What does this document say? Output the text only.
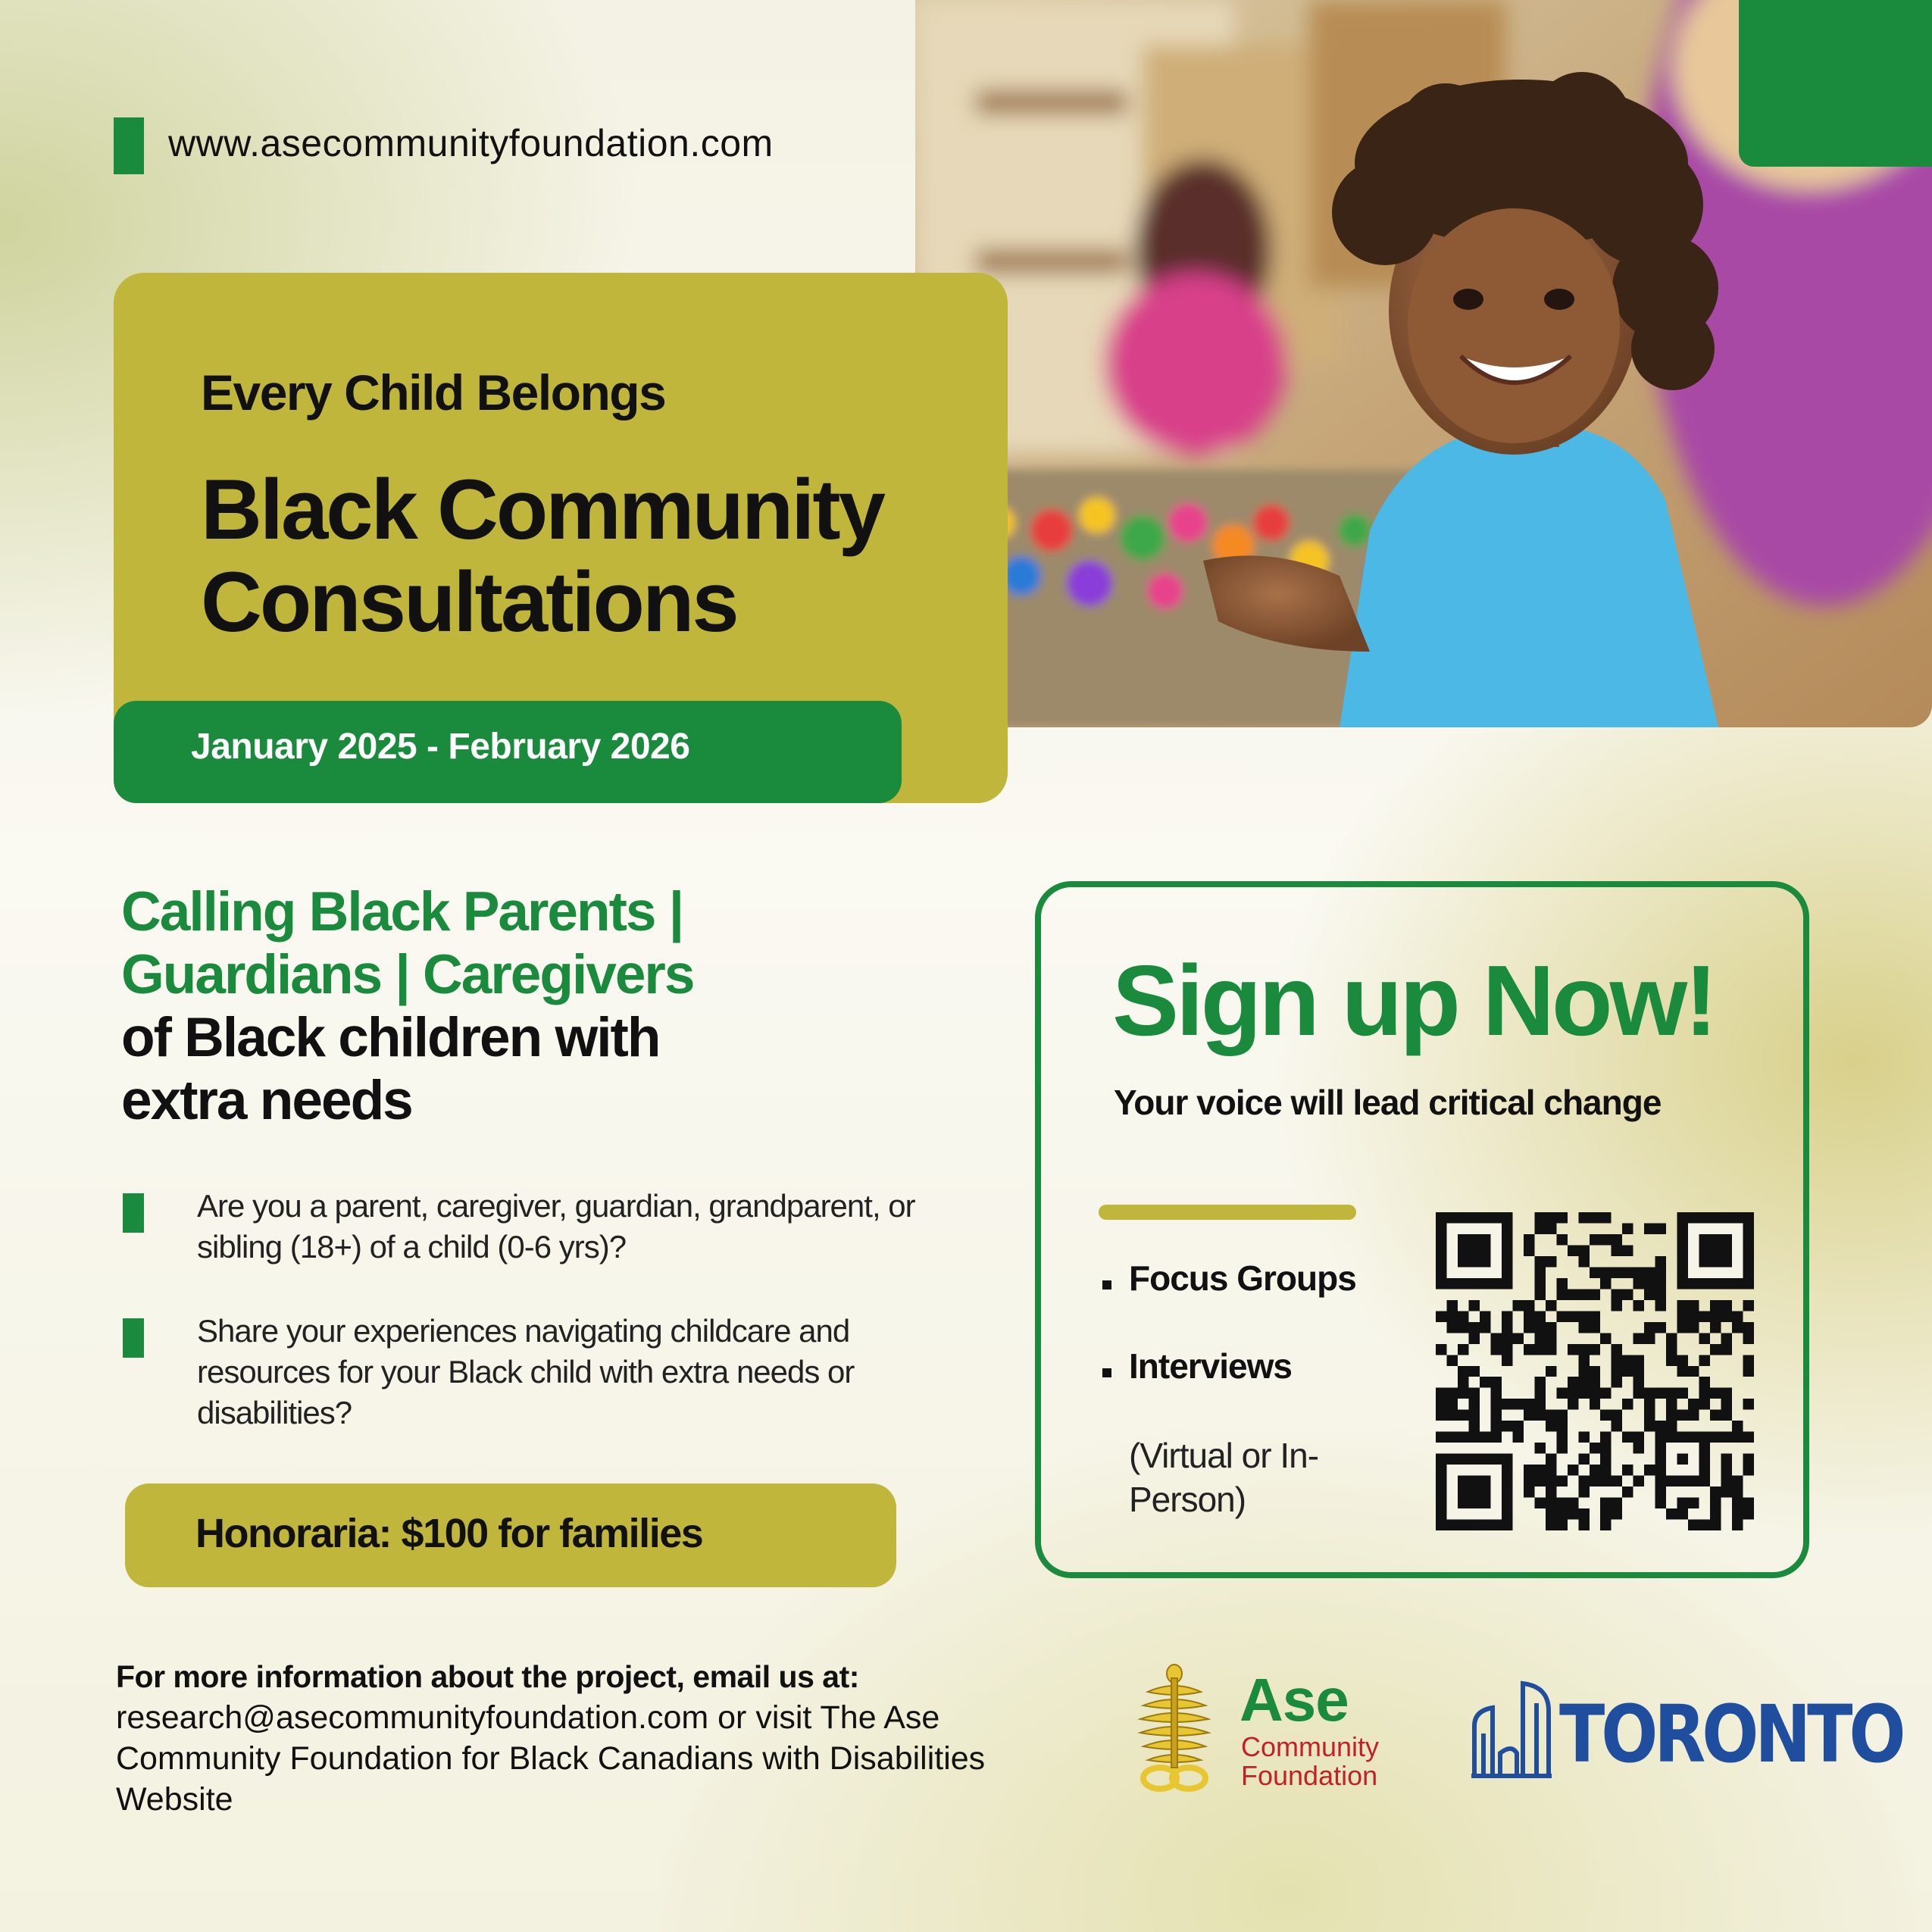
www.asecommunityfoundation.com
Every Child Belongs
Black Community Consultations
January 2025 - February 2026
Calling Black Parents |
Guardians | Caregivers
of Black children with
extra needs
Are you a parent, caregiver, guardian, grandparent, or sibling (18+) of a child (0-6 yrs)?
Share your experiences navigating childcare and resources for your Black child with extra needs or disabilities?
Honoraria: $100 for families
Sign up Now!
Your voice will lead critical change
Focus Groups
Interviews
(Virtual or In-Person)
For more information about the project, email us at:
research@asecommunityfoundation.com or visit The Ase Community Foundation for Black Canadians with Disabilities Website
Ase
Community
Foundation TORONTO
